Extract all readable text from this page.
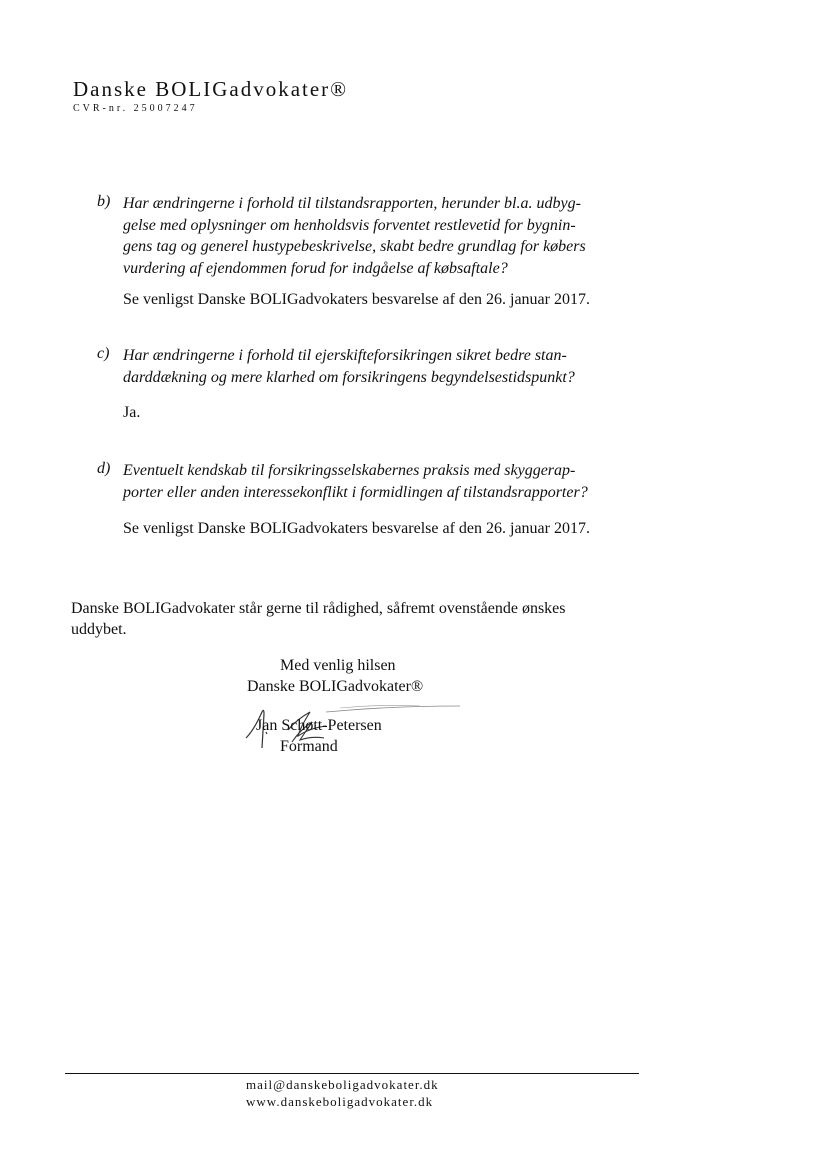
Danske BOLIGadvokater®
CVR-nr. 25007247
b) Har ændringerne i forhold til tilstandsrapporten, herunder bl.a. udbyg-
gelse med oplysninger om henholdsvis forventet restlevetid for bygnin-
gens tag og generel hustypebeskrivelse, skabt bedre grundlag for købers
vurdering af ejendommen forud for indgåelse af købsaftale?
Se venligst Danske BOLIGadvokaters besvarelse af den 26. januar 2017.
c) Har ændringerne i forhold til ejerskifteforsikringen sikret bedre stan-
darddækning og mere klarhed om forsikringens begyndelsestidspunkt?
Ja.
d) Eventuelt kendskab til forsikringsselskabernes praksis med skyggerap-
porter eller anden interessekonflikt i formidlingen af tilstandsrapporter?
Se venligst Danske BOLIGadvokaters besvarelse af den 26. januar 2017.
Danske BOLIGadvokater står gerne til rådighed, såfremt ovenstående ønskes
uddybet.
Med venlig hilsen
Danske BOLIGadvokater®
Jan Schøtt-Petersen
Formand
mail@danskeboligadvokater.dk
www.danskeboligadvokater.dk
